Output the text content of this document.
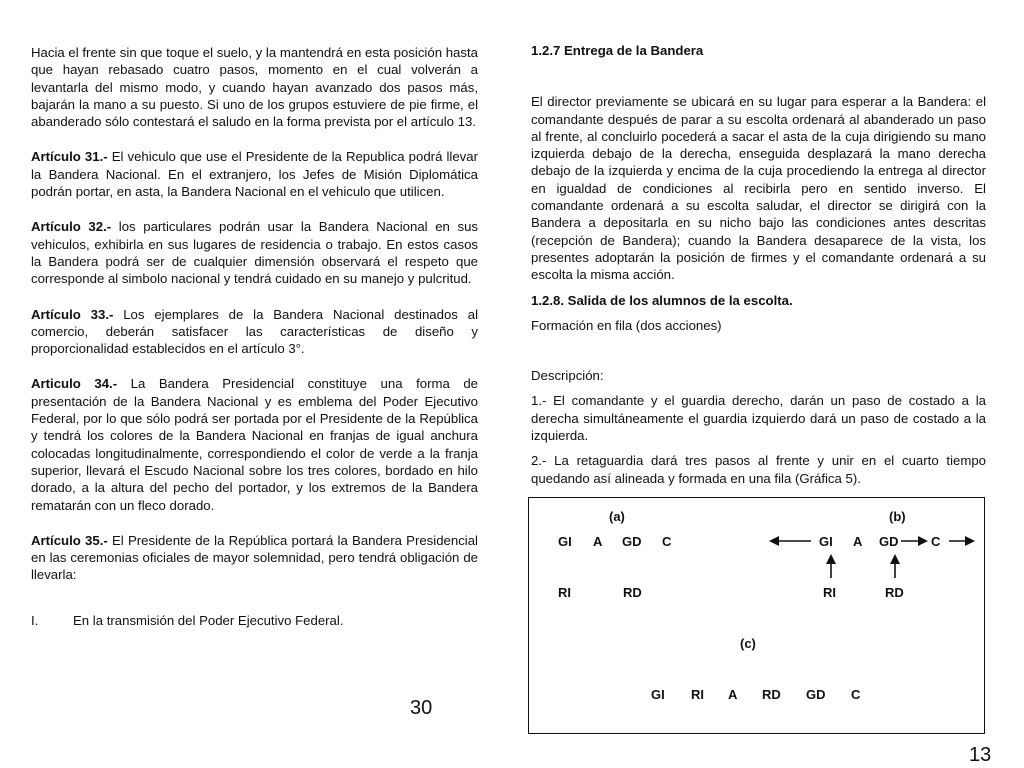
Hacia el frente sin que toque el suelo, y la mantendrá en esta posición hasta que hayan rebasado cuatro pasos, momento en el cual volverán a levantarla del mismo modo, y cuando hayan avanzado dos pasos más, bajarán la mano a su puesto. Si uno de los grupos estuviere de pie firme, el abanderado sólo contestará el saludo en la forma prevista por el artículo 13.

Artículo 31.- El vehiculo que use el Presidente de la Republica podrá llevar la Bandera Nacional. En el extranjero, los Jefes de Misión Diplomática podrán portar, en asta, la Bandera Nacional en el vehiculo que utilicen.

Artículo 32.- los particulares podrán usar la Bandera Nacional en sus vehiculos, exhibirla en sus lugares de residencia o trabajo. En estos casos la Bandera podrá ser de cualquier dimensión observará el respeto que corresponde al simbolo nacional y tendrá cuidado en su manejo y pulcritud.

Artículo 33.- Los ejemplares de la Bandera Nacional destinados al comercio, deberán satisfacer las características de diseño y proporcionalidad establecidos en el artículo 3°.

Articulo 34.- La Bandera Presidencial constituye una forma de presentación de la Bandera Nacional y es emblema del Poder Ejecutivo Federal, por lo que sólo podrá ser portada por el Presidente de la República y tendrá los colores de la Bandera Nacional en franjas de igual anchura colocadas longitudinalmente, correspondiendo el color de verde a la franja superior, llevará el Escudo Nacional sobre los tres colores, bordado en hilo dorado, a la altura del pecho del portador, y los extremos de la Bandera rematarán con un fleco dorado.

Artículo 35.- El Presidente de la República portará la Bandera Presidencial en las ceremonias oficiales de mayor solemnidad, pero tendrá obligación de llevarla:

I.	En la transmisión del Poder Ejecutivo Federal.
30

1.2.7 Entrega de la Bandera

El director previamente se ubicará en su lugar para esperar a la Bandera: el comandante después de parar a su escolta ordenará al abanderado un paso al frente, al concluirlo pocederá a sacar el asta de la cuja dirigiendo su mano izquierda debajo de la derecha, enseguida desplazará la mano derecha debajo de la izquierda y encima de la cuja procediendo la entrega al director en igualdad de condiciones al recibirla pero en sentido inverso. El comandante ordenará a su escolta saludar, el director se dirigirá con la Bandera a depositarla en su nicho bajo las condiciones antes descritas (recepción de Bandera); cuando la Bandera desaparece de la vista, los presentes adoptarán la posición de firmes y el comandante ordenará a su escolta la misma acción.

1.2.8. Salida de los alumnos de la escolta.

Formación en fila (dos acciones)

Descripción:

1.- El comandante y el guardia derecho, darán un paso de costado a la derecha simultáneamente el guardia izquierdo dará un paso de costado a la izquierda.

2.- La retaguardia dará tres pasos al frente y unir en el cuarto tiempo quedando así alineada y formada en una fila (Gráfica 5).

(a)	(b)
GI A GD C
RI	RD
GI A GD	C
RI	RD
(c)
GI RI A RD GD C
13
